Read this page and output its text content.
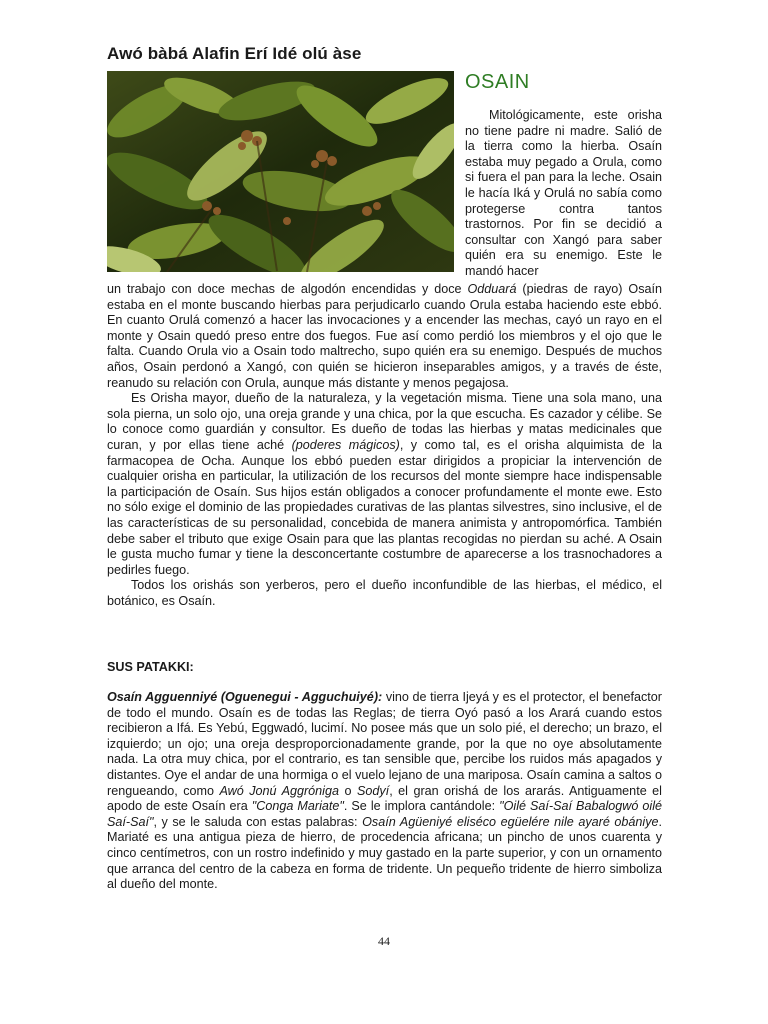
Awó bàbá Alafin Erí Idé olú àse
OSAIN

Mitológicamente, este orisha no tiene padre ni madre. Salió de la tierra como la hierba. Osaín estaba muy pegado a Orula, como si fuera el pan para la leche. Osain le hacía Iká y Orulá no sabía como protegerse contra tantos trastornos. Por fin se decidió a consultar con Xangó para saber quién era su enemigo. Este le mandó hacer

un trabajo con doce mechas de algodón encendidas y doce Odduará (piedras de rayo) Osaín estaba en el monte buscando hierbas para perjudicarlo cuando Orula estaba haciendo este ebbó. En cuanto Orulá comenzó a hacer las invocaciones y a encender las mechas, cayó un rayo en el monte y Osain quedó preso entre dos fuegos. Fue así como perdió los miembros y el ojo que le falta. Cuando Orula vio a Osain todo maltrecho, supo quién era su enemigo. Después de muchos años, Osain perdonó a Xangó, con quién se hicieron inseparables amigos, y a través de éste, reanudo su relación con Orula, aunque más distante y menos pegajosa.

Es Orisha mayor, dueño de la naturaleza, y la vegetación misma. Tiene una sola mano, una sola pierna, un solo ojo, una oreja grande y una chica, por la que escucha. Es cazador y célibe. Se lo conoce como guardián y consultor. Es dueño de todas las hierbas y matas medicinales que curan, y por ellas tiene aché (poderes mágicos), y como tal, es el orisha alquimista de la farmacopea de Ocha. Aunque los ebbó pueden estar dirigidos a propiciar la intervención de cualquier orisha en particular, la utilización de los recursos del monte siempre hace indispensable la participación de Osaín. Sus hijos están obligados a conocer profundamente el monte ewe. Esto no sólo exige el dominio de las propiedades curativas de las plantas silvestres, sino inclusive, el de las características de su personalidad, concebida de manera animista y antropomórfica. También debe saber el tributo que exige Osain para que las plantas recogidas no pierdan su aché. A Osain le gusta mucho fumar y tiene la desconcertante costumbre de aparecerse a los trasnochadores a pedirles fuego.

Todos los orishás son yerberos, pero el dueño inconfundible de las hierbas, el médico, el botánico, es Osaín.

SUS PATAKKI:

Osaín Agguenniyé (Oguenegui - Agguchuiyé): vino de tierra Ijeyá y es el protector, el benefactor de todo el mundo. Osaín es de todas las Reglas; de tierra Oyó pasó a los Arará cuando estos recibieron a Ifá. Es Yebú, Eggwadó, lucimí. No posee más que un solo pié, el derecho; un brazo, el izquierdo; un ojo; una oreja desproporcionadamente grande, por la que no oye absolutamente nada. La otra muy chica, por el contrario, es tan sensible que, percibe los ruidos más apagados y distantes. Oye el andar de una hormiga o el vuelo lejano de una mariposa. Osaín camina a saltos o rengueando, como Awó Jonú Aggróniga o Sodyí, el gran orishá de los ararás. Antiguamente el apodo de este Osaín era "Conga Mariate". Se le implora cantándole: "Oilé Saí-Saí Babalogwó oilé Saí-Saí", y se le saluda con estas palabras: Osaín Agüeniyé eliséco egüelére nile ayaré obániye. Mariaté es una antigua pieza de hierro, de procedencia africana; un pincho de unos cuarenta y cinco centímetros, con un rostro indefinido y muy gastado en la parte superior, y con un ornamento que arranca del centro de la cabeza en forma de tridente. Un pequeño tridente de hierro simboliza al dueño del monte.

44
